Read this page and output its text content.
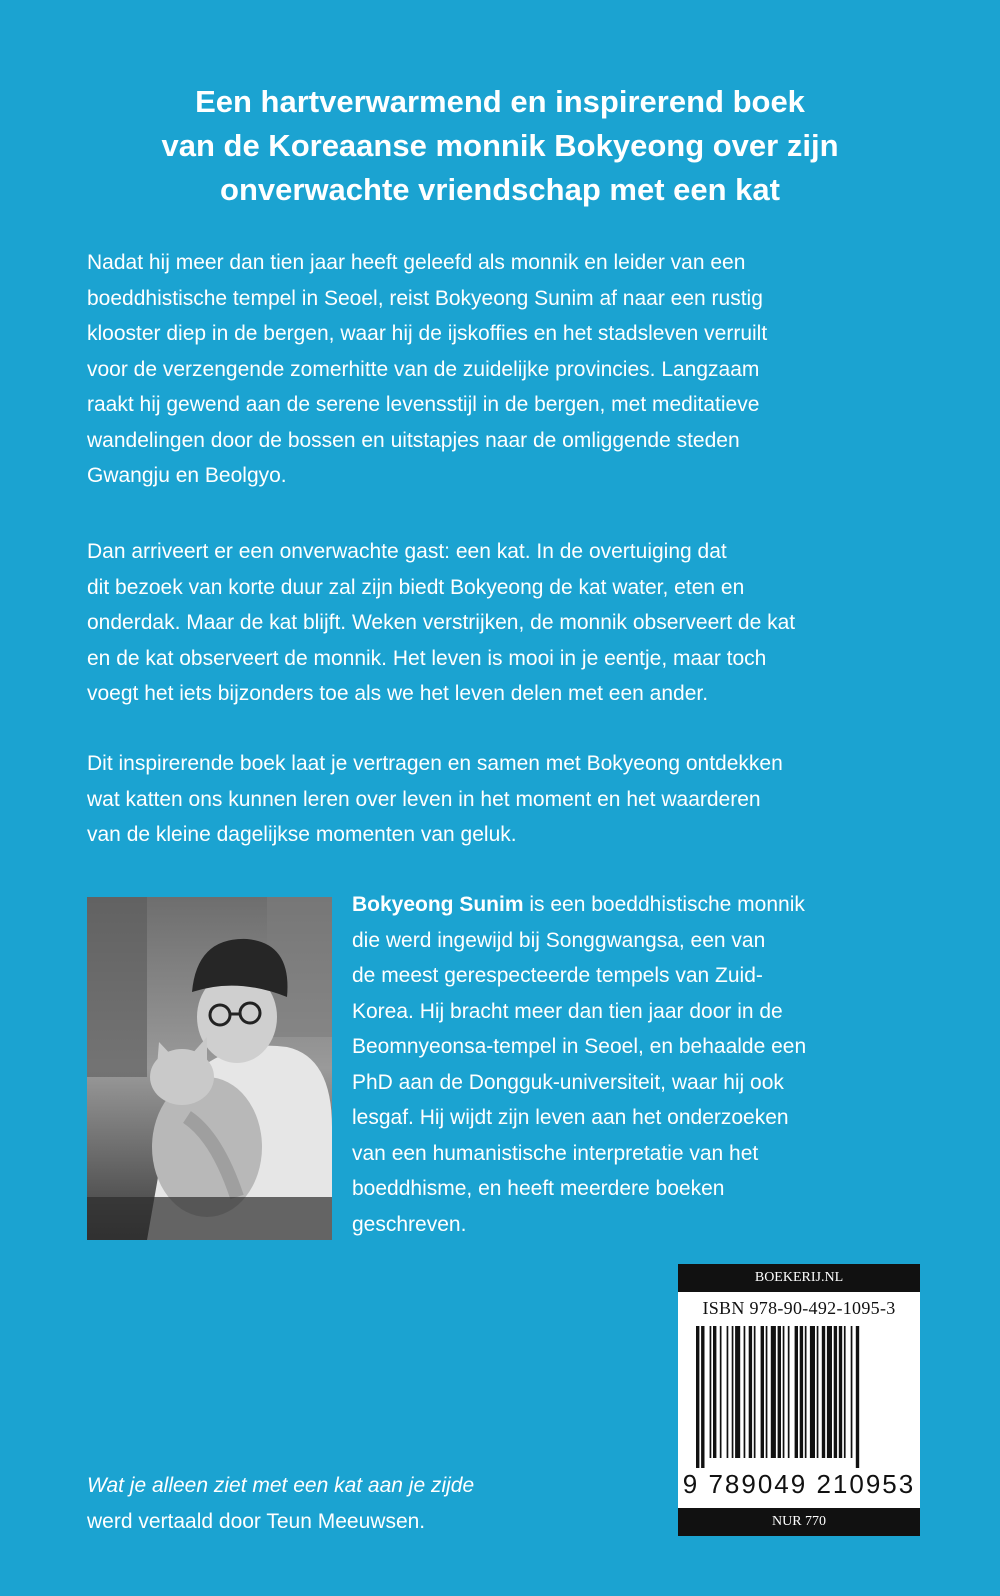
Een hartverwarmend en inspirerend boek
van de Koreaanse monnik Bokyeong over zijn
onverwachte vriendschap met een kat

Nadat hij meer dan tien jaar heeft geleefd als monnik en leider van een
boeddhistische tempel in Seoel, reist Bokyeong Sunim af naar een rustig
klooster diep in de bergen, waar hij de ijskoffies en het stadsleven verruilt
voor de verzengende zomerhitte van de zuidelijke provincies. Langzaam
raakt hij gewend aan de serene levensstijl in de bergen, met meditatieve
wandelingen door de bossen en uitstapjes naar de omliggende steden
Gwangju en Beolgyo.

Dan arriveert er een onverwachte gast: een kat. In de overtuiging dat
dit bezoek van korte duur zal zijn biedt Bokyeong de kat water, eten en
onderdak. Maar de kat blijft. Weken verstrijken, de monnik observeert de kat
en de kat observeert de monnik. Het leven is mooi in je eentje, maar toch
voegt het iets bijzonders toe als we het leven delen met een ander.

Dit inspirerende boek laat je vertragen en samen met Bokyeong ontdekken
wat katten ons kunnen leren over leven in het moment en het waarderen
van de kleine dagelijkse momenten van geluk.

Bokyeong Sunim is een boeddhistische monnik
die werd ingewijd bij Songgwangsa, een van
de meest gerespecteerde tempels van Zuid-
Korea. Hij bracht meer dan tien jaar door in de
Beomnyeonsa-tempel in Seoel, en behaalde een
PhD aan de Dongguk-universiteit, waar hij ook
lesgaf. Hij wijdt zijn leven aan het onderzoeken
van een humanistische interpretatie van het
boeddhisme, en heeft meerdere boeken
geschreven.

Wat je alleen ziet met een kat aan je zijde
werd vertaald door Teun Meeuwsen.

BOEKERIJ.NL
ISBN 978-90-492-1095-3
9 789049 210953
NUR 770
